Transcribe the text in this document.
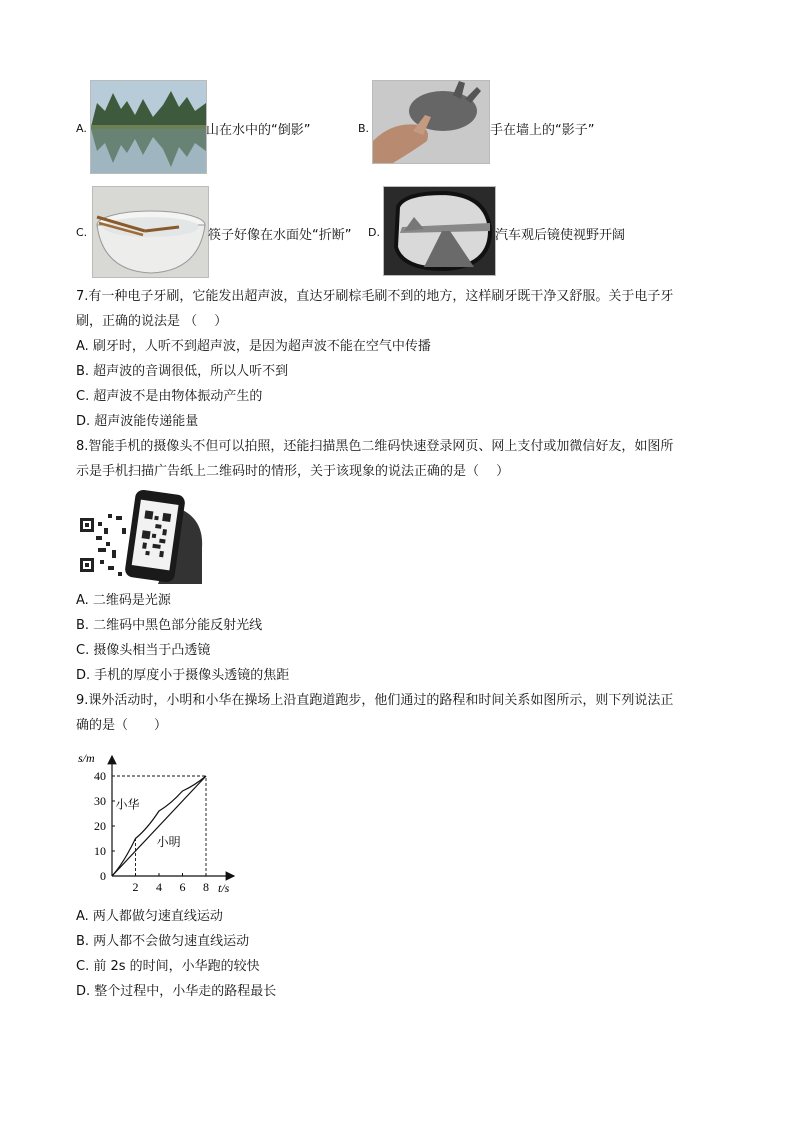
A.	山在水中的“倒影”	B.	手在墙上的“影子”
C.	筷子好像在水面处“折断” D.	汽车观后镜使视野开阔
7.有一种电子牙刷，它能发出超声波，直达牙刷棕毛刷不到的地方，这样刷牙既干净又舒服。关于电子牙
刷，正确的说法是 （　 ）
A. 刷牙时，人听不到超声波，是因为超声波不能在空气中传播
B. 超声波的音调很低，所以人听不到
C. 超声波不是由物体振动产生的
D. 超声波能传递能量
8.智能手机的摄像头不但可以拍照，还能扫描黑色二维码快速登录网页、网上支付或加微信好友，如图所
示是手机扫描广告纸上二维码时的情形，关于该现象的说法正确的是（　 ）
A. 二维码是光源
B. 二维码中黑色部分能反射光线
C. 摄像头相当于凸透镜
D. 手机的厚度小于摄像头透镜的焦距
9.课外活动时，小明和小华在操场上沿直跑道跑步，他们通过的路程和时间关系如图所示，则下列说法正
确的是（　　）
2 4 6 8
10
20
30
40
小华
小明
0
t/s
s/m
A. 两人都做匀速直线运动
B. 两人都不会做匀速直线运动
C. 前 2s 的时间，小华跑的较快
D. 整个过程中，小华走的路程最长
